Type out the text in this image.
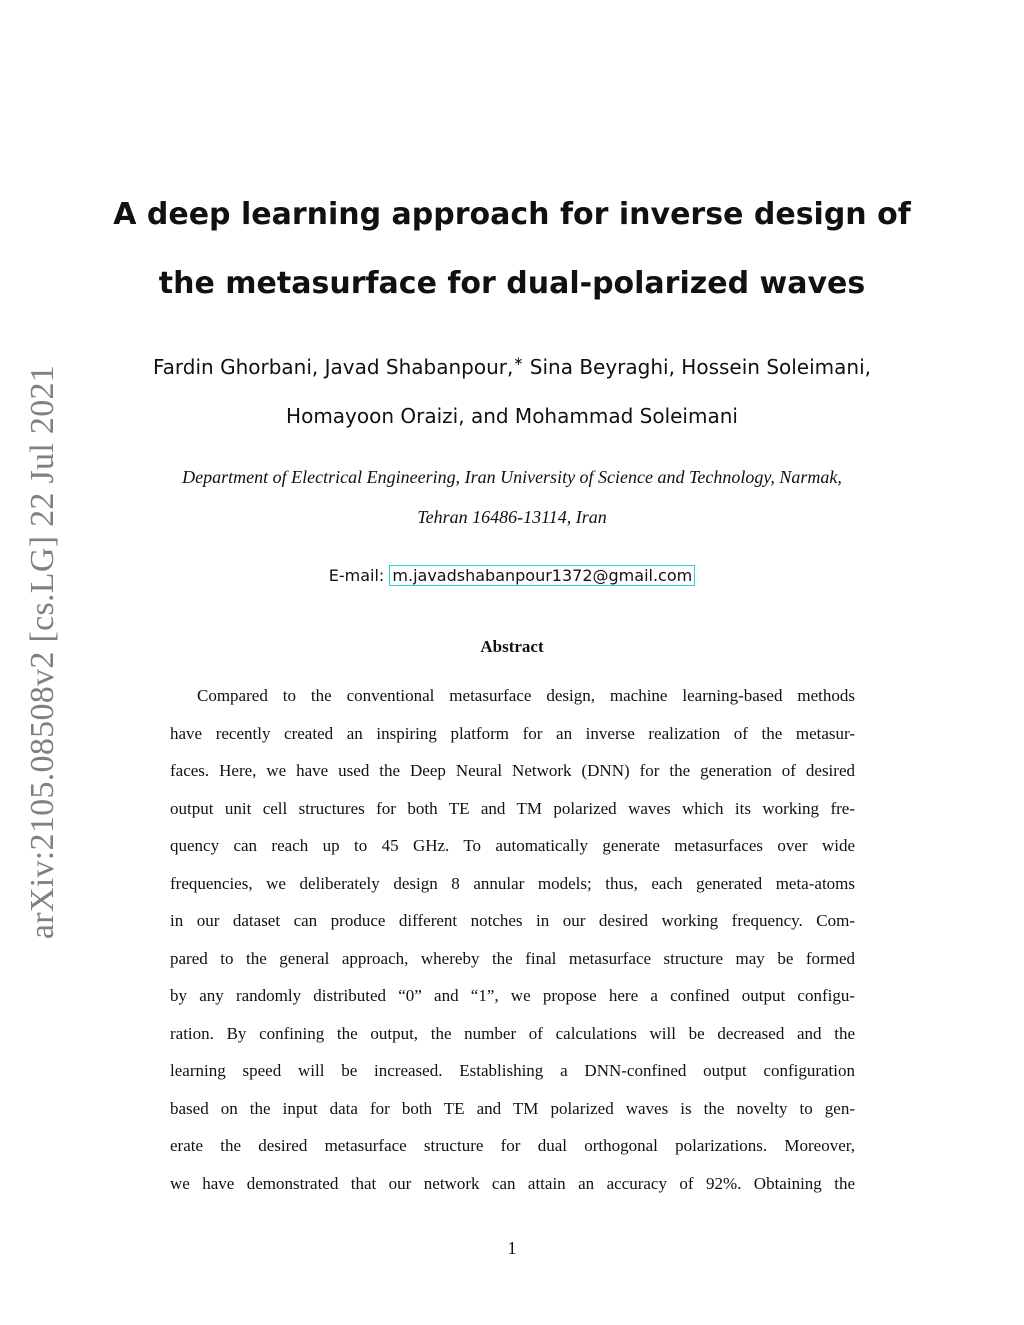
arXiv:2105.08508v2 [cs.LG] 22 Jul 2021
A deep learning approach for inverse design of
the metasurface for dual-polarized waves
Fardin Ghorbani, Javad Shabanpour,∗ Sina Beyraghi, Hossein Soleimani,
Homayoon Oraizi, and Mohammad Soleimani
Department of Electrical Engineering, Iran University of Science and Technology, Narmak,
Tehran 16486-13114, Iran
E-mail: m.javadshabanpour1372@gmail.com
Abstract
Compared to the conventional metasurface design, machine learning-based methods
have recently created an inspiring platform for an inverse realization of the metasur-
faces. Here, we have used the Deep Neural Network (DNN) for the generation of desired
output unit cell structures for both TE and TM polarized waves which its working fre-
quency can reach up to 45 GHz. To automatically generate metasurfaces over wide
frequencies, we deliberately design 8 annular models; thus, each generated meta-atoms
in our dataset can produce different notches in our desired working frequency. Com-
pared to the general approach, whereby the final metasurface structure may be formed
by any randomly distributed “0” and “1”, we propose here a confined output configu-
ration. By confining the output, the number of calculations will be decreased and the
learning speed will be increased. Establishing a DNN-confined output configuration
based on the input data for both TE and TM polarized waves is the novelty to gen-
erate the desired metasurface structure for dual orthogonal polarizations. Moreover,
we have demonstrated that our network can attain an accuracy of 92%. Obtaining the
1
